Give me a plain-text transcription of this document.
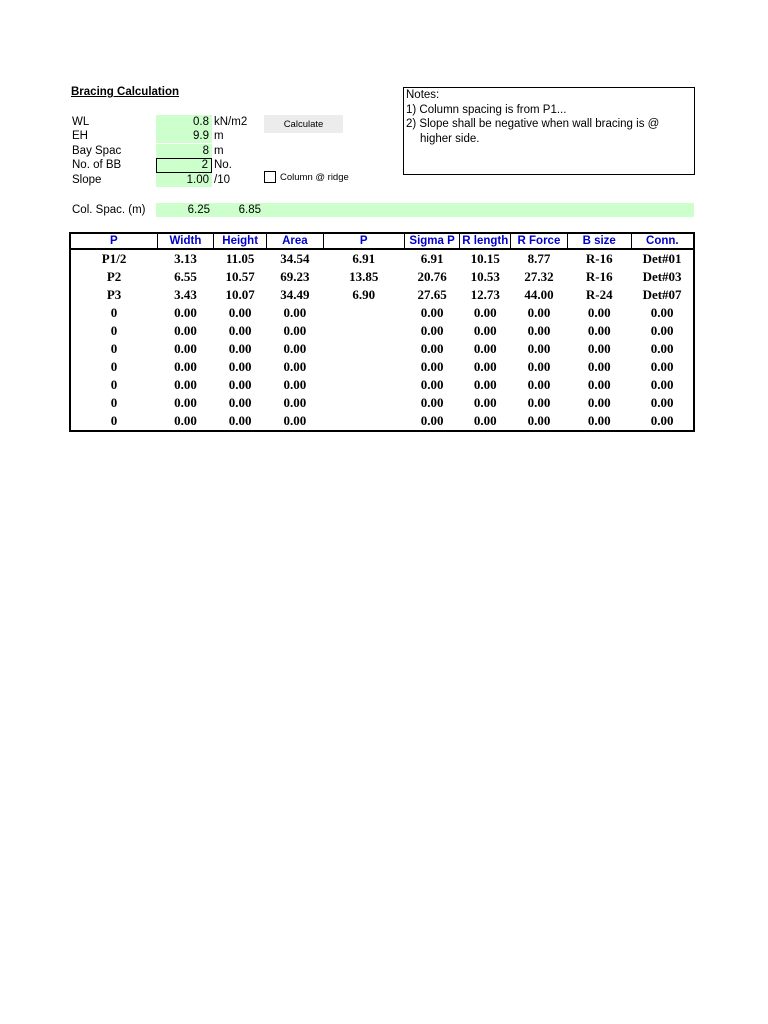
Bracing Calculation
WL	0.8 kN/m2
EH	9.9 m
Bay Spac	8 m
No. of BB	2 No.
Slope	1.00 /10
Calculate
Column @ ridge
Notes:
1) Column spacing is from P1...
2) Slope shall be negative when wall bracing is @
higher side.
Col. Spac. (m)	6.25	6.85
P	Width	Height	Area	P	Sigma P	R length	R Force	B size	Conn.
P1/2	3.13	11.05	34.54	6.91	6.91	10.15	8.77	R-16	Det#01
P2	6.55	10.57	69.23	13.85	20.76	10.53	27.32	R-16	Det#03
P3	3.43	10.07	34.49	6.90	27.65	12.73	44.00	R-24	Det#07
0	0.00	0.00	0.00		0.00	0.00	0.00	0.00	0.00
0	0.00	0.00	0.00		0.00	0.00	0.00	0.00	0.00
0	0.00	0.00	0.00		0.00	0.00	0.00	0.00	0.00
0	0.00	0.00	0.00		0.00	0.00	0.00	0.00	0.00
0	0.00	0.00	0.00		0.00	0.00	0.00	0.00	0.00
0	0.00	0.00	0.00		0.00	0.00	0.00	0.00	0.00
0	0.00	0.00	0.00		0.00	0.00	0.00	0.00	0.00
